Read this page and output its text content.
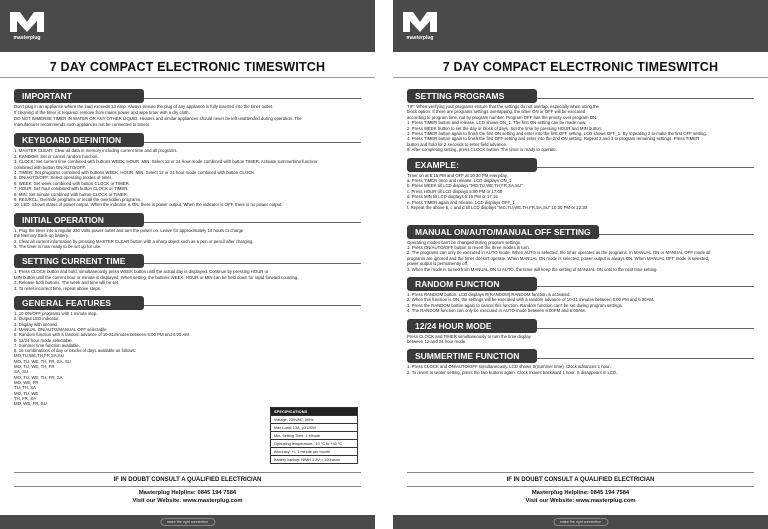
masterplug
7 DAY COMPACT ELECTRONIC TIMESWITCH
IMPORTANT

Don't plug in an appliance where the load exceeds 13 Amp. Always ensure the plug of any appliance is fully inserted into the timer outlet.

If cleaning of the timer is required, remove from mains power and wipe timer with a dry cloth.

DO NOT IMMERSE TIMER IN WATER OR ANY OTHER LIQUID. Heaters and similar appliances should never be left unattended during operation. The

manufacturer recommends such appliances not be connected to timers.

KEYBOARD DEFINITION
1. MASTER CLEAR: Clear all data in memory including current time and all programs.
2. RANDOM: Set or cancel random function.
3. CLOCK: Set current time combined with buttons WEEK, HOUR, MIN. Select 12 or 24 hour mode combined with button TIMER. Activate summertime function
combined with button ON/AUTO/OFF.
4. TIMER: Set programs combined with buttons WEEK, HOUR, MIN. Select 12 or 24 hour mode combined with button CLOCK.
5. ON/AUTO/OFF: Select operating modes of timer.
6. WEEK: Set week combined with button CLOCK or TIMER.
7. HOUR: Set hour combined with button CLOCK or TIMER.
8. MIN: Set minute combined with button CLOCK or TIMER.
9. RES/RCL: Override programs or recall the overridden programs.
10. LED: Shows status of power output. When the indicator is ON, there is power output. When the indicator is OFF, there is no power output.
INITIAL OPERATION
1. Plug the timer into a regular 230 Volts power outlet and turn the power on. Leave for approximately 14 hours to charge
the Memory Back-up battery.
2. Clear all current information by pressing MASTER CLEAR button with a sharp object such as a pen or pencil after charging.
3. The timer is now ready to be set up for use.
SETTING CURRENT TIME
1. Press CLOCK button and hold, simultaneously press WEEK button until the actual day is displayed. Continue by pressing HOUR or
MIN button until the current hour or minute is displayed. When setting, the buttons WEEK, HOUR or MIN can be held down for rapid forward counting.
2. Release both buttons. The week and time will be set.
3. To reset incorrect time, repeat above steps.
GENERAL FEATURES
1. 10 ON/OFF programs with 1 minute step.
2. Output LED indicator.
3. Display with second.
4. MANUAL ON/AUTO/MANUAL OFF selectable.
5. Random function with a random advance of 10-31minutes between 6:00 PM and 6:00 AM.
6. 12/24 hour mode selectable.
7. Summer time function available.
8. 16 combinations of day or blocks of days available as follows:
MO,TU,WE,TH,FR,SA,SU
MO, TU, WE, TH, FR, SA, SU
MO, TU, WE, TH, FR
SA, SU
MO, TU, WE, TH, FR, SA
MO, WE, FR
TU, TH, SA
MO, TU, WE
TH, FR, SA
MO, WE, FR, SU
SPECIFICATIONS
Voltage: 230VAC, 50Hz
Max Load: 13A, μ3120W
Min. Setting Time: 1 Minute
Operating temperature: -10 °C to +40 °C
Accuracy: +/- 1 minute per month
Battery backup: NiMH 1.2V > 100hours
IF IN DOUBT CONSULT A QUALIFIED ELECTRICIAN
Masterplug Helpline: 0845 194 7584
Visit our Website: www.masterplug.com
make the right connection
masterplug
7 DAY COMPACT ELECTRONIC TIMESWITCH
SETTING PROGRAMS
TIP: When verifying your programs ensure that the settings do not overlap, especially when using the
block option. If there are programs settings overlapping, the timer ON or OFF will be executed
according to program time, not by program number. Program OFF has the priority over program ON.
1. Press TIMER button and release. LCD shows ON_1. The first ON setting can be made now.
2. Press WEEK button to set the day or block of days. Set the time by pressing HOUR and MIN button.
3. Press TIMER button again to finish the first ON setting and enter into the first OFF setting. LCD shows OFF_1. By repeating 2 to make the first OFF setting.
4. Press TIMER button again to finish the first OFF setting and enter into the 2nd ON setting. Repeat 2 and 3 to program remaining settings. Press TIMER
button and hold for 2 seconds to enter field advance.
5. After completing setting, press CLOCK button. The timer is ready to operate.
EXAMPLE:
Timer on at 5:15 PM and OFF at 10:30 PM everyday.
a. Press TIMER once and release. LCD displays ON_1
b. Press WEEK till LCD displays "MO,TU,WE,TH,FR,SA,SU"
c. Press HOUR till LCD displays 5:00 PM or 17:00
d. Press MIN till LCD displays 5:15 PM or 17:15
e. Press TIMER again and release. LCD displays OFF_1
f. Repeat the above b, c and d till LCD displays "MO,TU,WE,TH,FR,SA,SU" 10:30 PM or 22:30
MANUAL ON/AUTO/MANUAL OFF SETTING
Operating modes can't be changed during program settings.
1. Press ON/AUTO/OFF button to revert the three modes in turn.
2. The programs can only be executed in AUTO mode. When AUTO is selected, the timer operates as the programs. In MANUAL ON or MANUAL OFF mode all
programs are ignored and the timer doesn't operate. When MANUAL ON mode is selected, power output is always ON. When MANUAL OFF mode is selected,
power output is permanently off.
3. When the mode is turned from MANUAL ON to AUTO, the timer will keep the setting of MANUAL ON until to the next time setting.
RANDOM FUNCTION
1. Press RANDOM button. LCD displays R(RANDOM).RANDOM function is activated.
2. When this function is ON, the settings will be executed with a random advance of 10-31 minutes between 6:00 PM and 6:00AM.
3. Press the RANDOM button again to cancel this function. Random function can't be set during program settings.
4. The RANDOM function can only be executed in AUTO mode between 6:00PM and 6:00AM.
12/24 HOUR MODE
Press CLOCK and TIMER simultaneously to turn the time display
between 12 and 24 hour mode.
SUMMERTIME FUNCTION
1. Press CLOCK and ON/AUTO/OFF simultaneously. LCD shows S(Summer time). Clock advances 1 hour.
2. To revert to winter setting, press the two buttons again. Clock moves backward 1 hour. S disappears in LCD.
IF IN DOUBT CONSULT A QUALIFIED ELECTRICIAN
Masterplug Helpline: 0845 194 7584
Visit our Website: www.masterplug.com
make the right connection
